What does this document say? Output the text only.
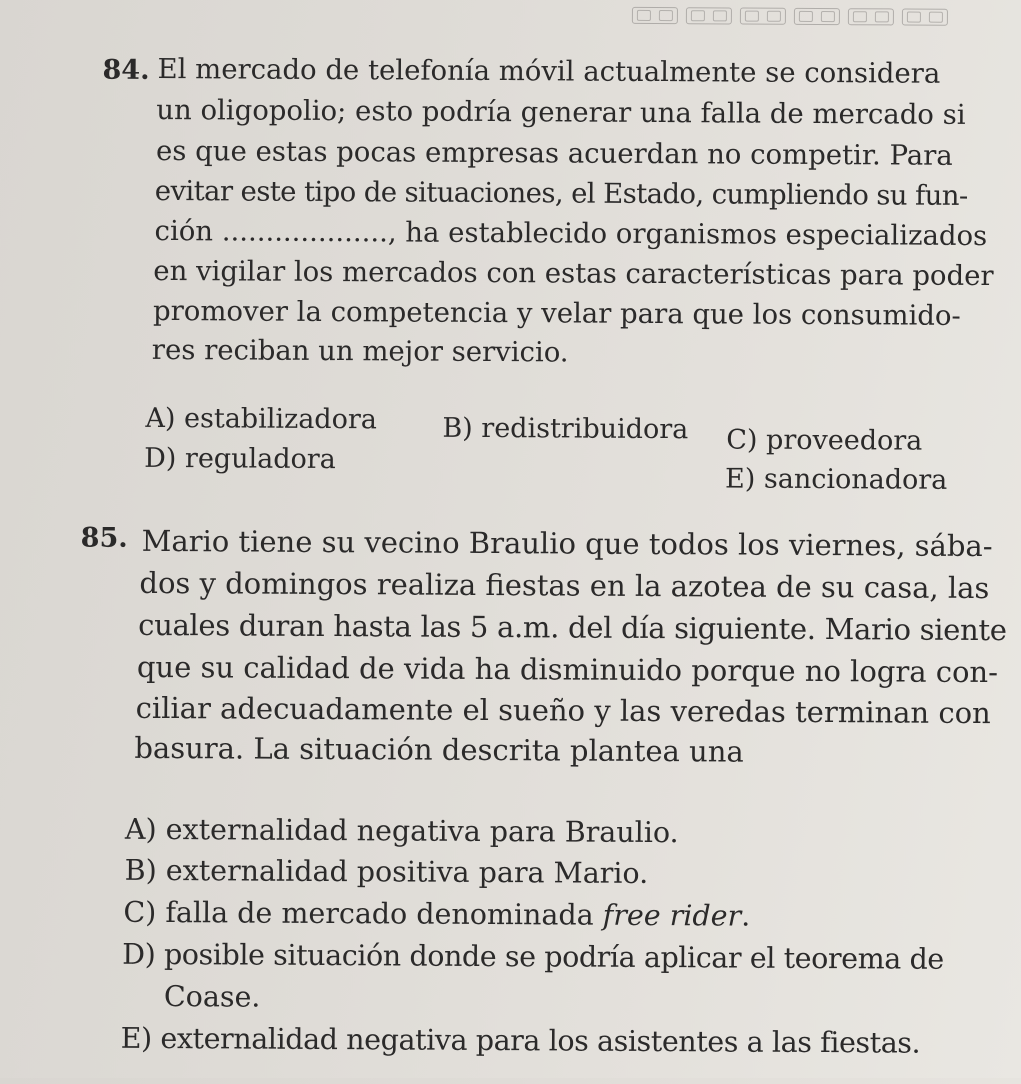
84. El mercado de telefonía móvil actualmente se considera
un oligopolio; esto podría generar una falla de mercado si
es que estas pocas empresas acuerdan no competir. Para
evitar este tipo de situaciones, el Estado, cumpliendo su fun-
ción ..................., ha establecido organismos especializados
en vigilar los mercados con estas características para poder
promover la competencia y velar para que los consumido-
res reciban un mejor servicio.
A) estabilizadora B) redistribuidora C) proveedora
D) reguladora
E) sancionadora
85. Mario tiene su vecino Braulio que todos los viernes, sába-
dos y domingos realiza fiestas en la azotea de su casa, las
cuales duran hasta las 5 a.m. del día siguiente. Mario siente
que su calidad de vida ha disminuido porque no logra con-
ciliar adecuadamente el sueño y las veredas terminan con
basura. La situación descrita plantea una
A) externalidad negativa para Braulio.
B) externalidad positiva para Mario.
C) falla de mercado denominada free rider.
D) posible situación donde se podría aplicar el teorema de
Coase.
E) externalidad negativa para los asistentes a las fiestas.
